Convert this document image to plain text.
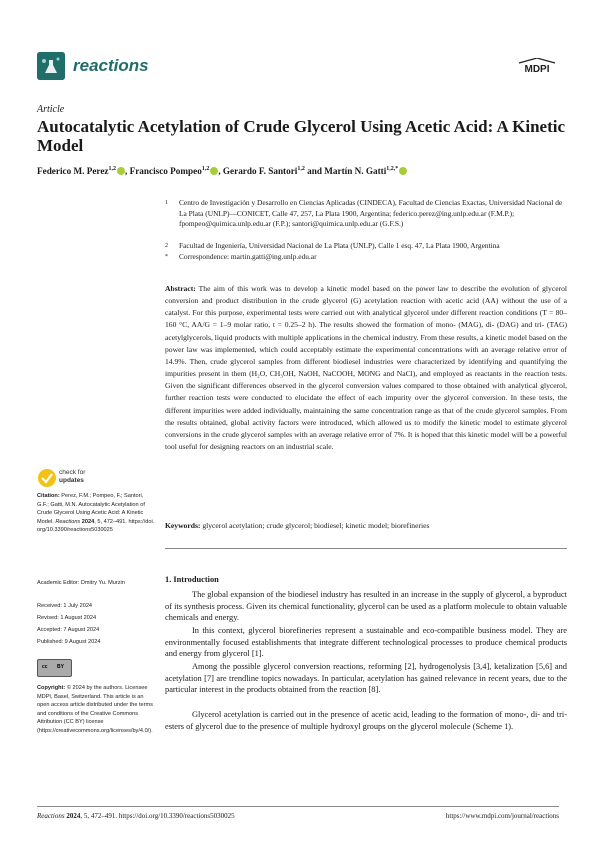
reactions	MDPI
Article
Autocatalytic Acetylation of Crude Glycerol Using Acetic Acid: A Kinetic Model
Federico M. Perez$^{1,2}$ , Francisco Pompeo$^{1,2}$ , Gerardo F. Santori$^{1,2}$ and Martín N. Gatti$^{1,2,*}$
1 Centro de Investigación y Desarrollo en Ciencias Aplicadas (CINDECA), Facultad de Ciencias Exactas, Universidad Nacional de La Plata (UNLP)—CONICET, Calle 47, 257, La Plata 1900, Argentina; federico.perez@ing.unlp.edu.ar (F.M.P.); fpompeo@quimica.unlp.edu.ar (F.P.); santori@quimica.unlp.edu.ar (G.F.S.)
2 Facultad de Ingeniería, Universidad Nacional de La Plata (UNLP), Calle 1 esq. 47, La Plata 1900, Argentina
* Correspondence: martin.gatti@ing.unlp.edu.ar
Abstract: The aim of this work was to develop a kinetic model based on the power law to describe the evolution of glycerol conversion and product distribution in the crude glycerol (G) acetylation reaction with acetic acid (AA) without the use of a catalyst. For this purpose, experimental tests were carried out with analytical glycerol under different reaction conditions (T = 80–160 °C, AA/G = 1–9 molar ratio, t = 0.25–2 h). The results showed the formation of mono- (MAG), di- (DAG) and tri- (TAG) acetylglycerols, liquid products with multiple applications in the chemical industry. From these results, a kinetic model based on the power law was implemented, which could acceptably estimate the experimental concentrations with an average relative error of 14.9%. Then, crude glycerol samples from different biodiesel industries were characterized by identifying and quantifying the impurities present in them (H₂O, CH₃OH, NaOH, NaCOOH, MONG and NaCl), and employed as reactants in the reaction tests. Given the significant differences observed in the glycerol conversion values compared to those obtained with analytical glycerol, further reaction tests were conducted to elucidate the effect of each impurity over the glycerol conversion. In these tests, the different impurities were added individually, maintaining the same concentration range as that of the crude glycerol samples. From the results obtained, global activity factors were introduced, which allowed us to modify the kinetic model to estimate glycerol conversions in the crude glycerol samples with an average relative error of 7%. It is hoped that this kinetic model will be a powerful tool useful for designing reactors on an industrial scale.
Keywords: glycerol acetylation; crude glycerol; biodiesel; kinetic model; biorefineries
check for
updates
Citation: Perez, F.M.; Pompeo, F.; Santori, G.F.; Gatti, M.N. Autocatalytic Acetylation of Crude Glycerol Using Acetic Acid: A Kinetic Model. Reactions 2024, 5, 472–491. https://doi.org/10.3390/reactions5030025
Academic Editor: Dmitry Yu. Murzin
Received: 1 July 2024
Revised: 1 August 2024
Accepted: 7 August 2024
Published: 9 August 2024
cc BY
Copyright: © 2024 by the authors. Licensee MDPI, Basel, Switzerland. This article is an open access article distributed under the terms and conditions of the Creative Commons Attribution (CC BY) license (https://creativecommons.org/licenses/by/4.0/).
1. Introduction
The global expansion of the biodiesel industry has resulted in an increase in the supply of glycerol, a byproduct of its synthesis process. Given its chemical functionality, glycerol can be used as a platform molecule to obtain valuable chemicals and energy.
In this context, glycerol biorefineries represent a sustainable and eco-compatible business model. They are environmentally focused establishments that integrate different technological processes to produce chemical products and energy from glycerol [1].
Among the possible glycerol conversion reactions, reforming [2], hydrogenolysis [3,4], ketalization [5,6] and acetylation [7] are trendline topics nowadays. In particular, acetylation has gained relevance in recent years, due to the particular interest in the products obtained from the reaction [8].
Glycerol acetylation is carried out in the presence of acetic acid, leading to the formation of mono-, di- and tri-esters of glycerol due to the presence of multiple hydroxyl groups on the glycerol molecule (Scheme 1).
Reactions 2024, 5, 472–491. https://doi.org/10.3390/reactions5030025	https://www.mdpi.com/journal/reactions
